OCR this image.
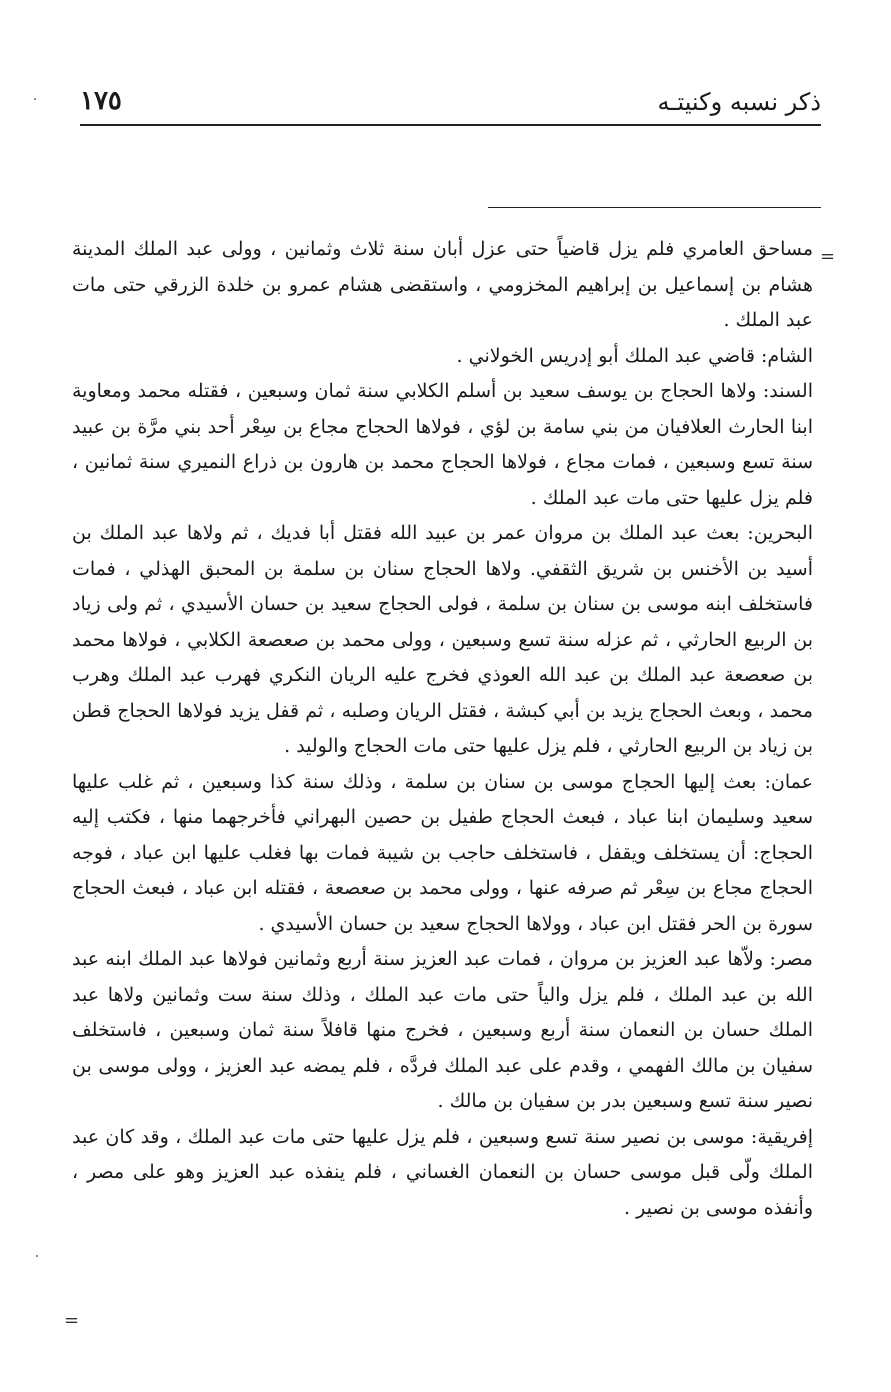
ذكر نسبه وكنيتـه
١٧٥
=
=

مساحق العامري فلم يزل قاضياً حتى عزل أبان سنة ثلاث وثمانين ، وولى عبد الملك المدينة هشام بن إسماعيل بن إبراهيم المخزومي ، واستقضى هشام عمرو بن خلدة الزرقي حتى مات عبد الملك .

الشام: قاضي عبد الملك أبو إدريس الخولاني .

السند: ولاها الحجاج بن يوسف سعيد بن أسلم الكلابي سنة ثمان وسبعين ، فقتله محمد ومعاوية ابنا الحارث العلافيان من بني سامة بن لؤي ، فولاها الحجاج مجاع بن سِعْر أحد بني مرَّة بن عبيد سنة تسع وسبعين ، فمات مجاع ، فولاها الحجاج محمد بن هارون بن ذراع النميري سنة ثمانين ، فلم يزل عليها حتى مات عبد الملك .

البحرين: بعث عبد الملك بن مروان عمر بن عبيد الله فقتل أبا فديك ، ثم ولاها عبد الملك بن أسيد بن الأخنس بن شريق الثقفي. ولاها الحجاج سنان بن سلمة بن المحبق الهذلي ، فمات فاستخلف ابنه موسى بن سنان بن سلمة ، فولى الحجاج سعيد بن حسان الأسيدي ، ثم ولى زياد بن الربيع الحارثي ، ثم عزله سنة تسع وسبعين ، وولى محمد بن صعصعة الكلابي ، فولاها محمد بن صعصعة عبد الملك بن عبد الله العوذي فخرج عليه الريان النكري فهرب عبد الملك وهرب محمد ، وبعث الحجاج يزيد بن أبي كبشة ، فقتل الريان وصلبه ، ثم قفل يزيد فولاها الحجاج قطن بن زياد بن الربيع الحارثي ، فلم يزل عليها حتى مات الحجاج والوليد .

عمان: بعث إليها الحجاج موسى بن سنان بن سلمة ، وذلك سنة كذا وسبعين ، ثم غلب عليها سعيد وسليمان ابنا عباد ، فبعث الحجاج طفيل بن حصين البهراني فأخرجهما منها ، فكتب إليه الحجاج: أن يستخلف ويقفل ، فاستخلف حاجب بن شيبة فمات بها فغلب عليها ابن عباد ، فوجه الحجاج مجاع بن سِعْر ثم صرفه عنها ، وولى محمد بن صعصعة ، فقتله ابن عباد ، فبعث الحجاج سورة بن الحر فقتل ابن عباد ، وولاها الحجاج سعيد بن حسان الأسيدي .

مصر: ولاّها عبد العزيز بن مروان ، فمات عبد العزيز سنة أربع وثمانين فولاها عبد الملك ابنه عبد الله بن عبد الملك ، فلم يزل والياً حتى مات عبد الملك ، وذلك سنة ست وثمانين ولاها عبد الملك حسان بن النعمان سنة أربع وسبعين ، فخرج منها قافلاً سنة ثمان وسبعين ، فاستخلف سفيان بن مالك الفهمي ، وقدم على عبد الملك فردَّه ، فلم يمضه عبد العزيز ، وولى موسى بن نصير سنة تسع وسبعين بدر بن سفيان بن مالك .

إفريقية: موسى بن نصير سنة تسع وسبعين ، فلم يزل عليها حتى مات عبد الملك ، وقد كان عبد الملك ولّى قبل موسى حسان بن النعمان الغساني ، فلم ينفذه عبد العزيز وهو على مصر ، وأنفذه موسى بن نصير .
